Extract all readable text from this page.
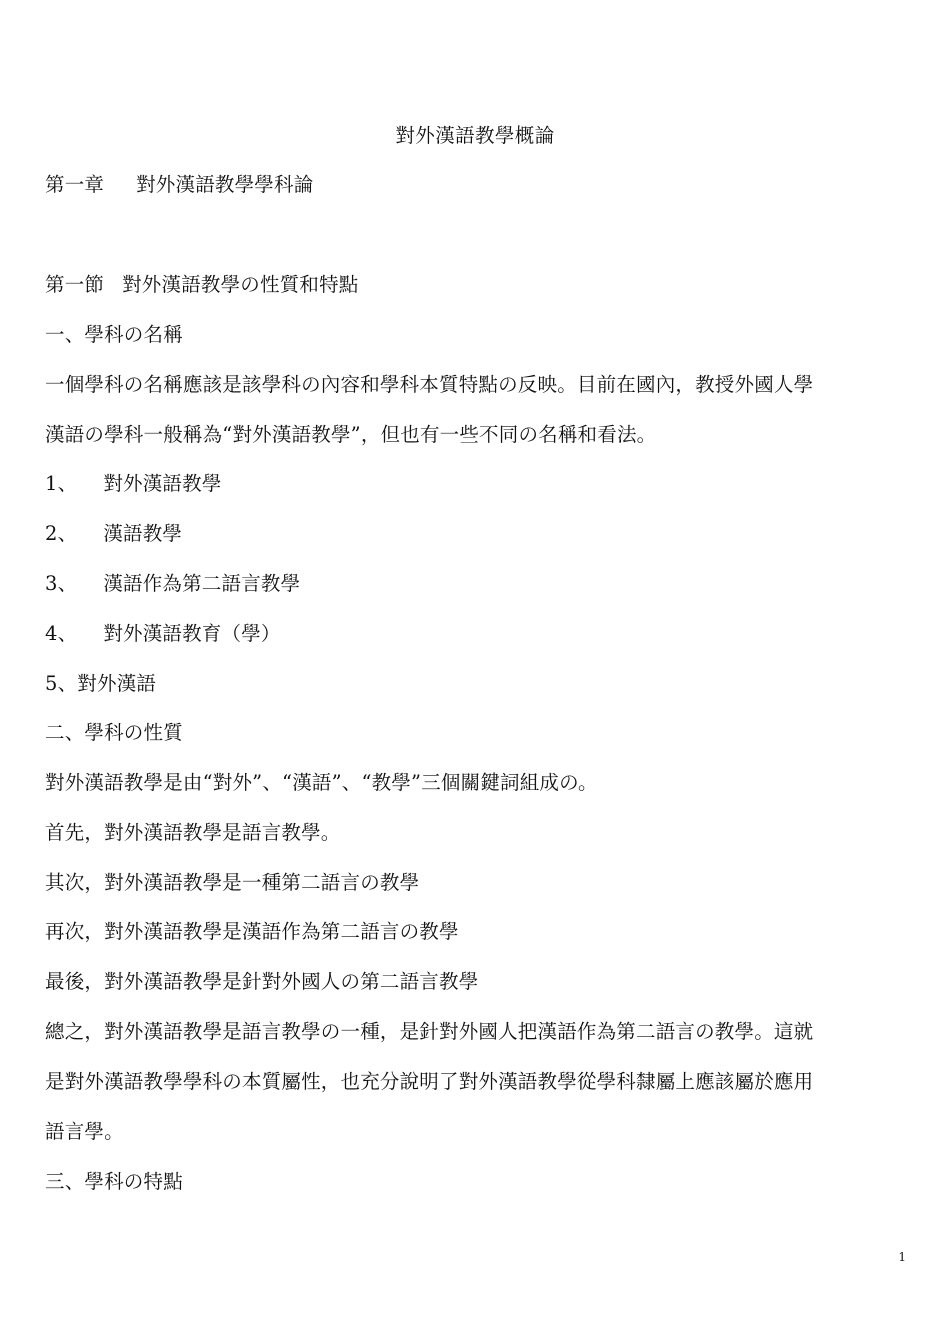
對外漢語教學概論
第一章 對外漢語教學學科論
第一節 對外漢語教學の性質和特點
一、學科の名稱
一個學科の名稱應該是該學科の內容和學科本質特點の反映。目前在國內，教授外國人學
漢語の學科一般稱為“對外漢語教學”，但也有一些不同の名稱和看法。
1、 對外漢語教學
2、 漢語教學
3、 漢語作為第二語言教學
4、 對外漢語教育（學）
5、對外漢語
二、學科の性質
對外漢語教學是由“對外”、“漢語”、“教學”三個關鍵詞組成の。
首先，對外漢語教學是語言教學。
其次，對外漢語教學是一種第二語言の教學
再次，對外漢語教學是漢語作為第二語言の教學
最後，對外漢語教學是針對外國人の第二語言教學
總之，對外漢語教學是語言教學の一種，是針對外國人把漢語作為第二語言の教學。這就
是對外漢語教學學科の本質屬性，也充分說明了對外漢語教學從學科隸屬上應該屬於應用
語言學。
三、學科の特點
1
